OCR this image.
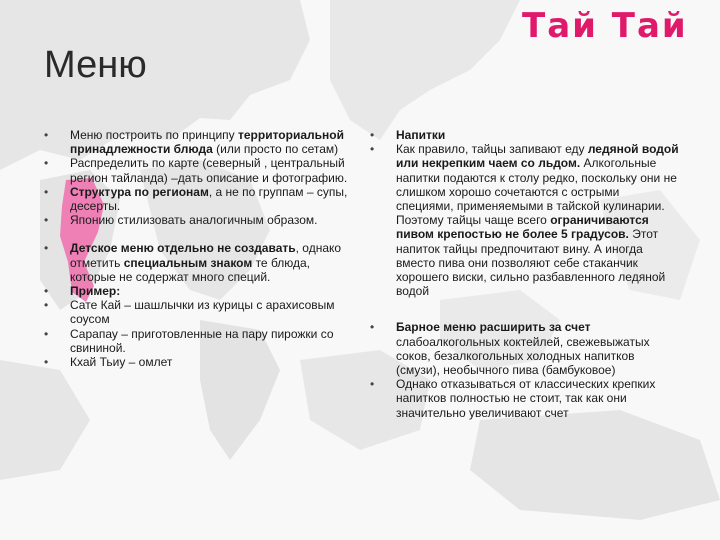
Тай Тай
Меню
• Меню построить по принципу территориальной принадлежности блюда (или просто по сетам)
• Распределить по карте (северный , центральный регион тайланда) –дать описание и фотографию.
• Структура по регионам, а не по группам – супы, десерты.
• Японию стилизовать аналогичным образом.
• Детское меню отдельно не создавать, однако отметить специальным знаком те блюда, которые не содержат много специй.
• Пример:
• Сате Кай – шашлычки из курицы с арахисовым соусом
• Сарапау – приготовленные на пару пирожки со свининой.
• Кхай Тьиу – омлет
• Напитки
• Как правило, тайцы запивают еду ледяной водой или некрепким чаем со льдом. Алкогольные напитки подаются к столу редко, поскольку они не слишком хорошо сочетаются с острыми специями, применяемыми в тайской кулинарии. Поэтому тайцы чаще всего ограничиваются пивом крепостью не более 5 градусов. Этот напиток тайцы предпочитают вину. А иногда вместо пива они позволяют себе стаканчик хорошего виски, сильно разбавленного ледяной водой
• Барное меню расширить за счет слабоалкогольных коктейлей, свежевыжатых соков, безалкогольных холодных напитков (смузи), необычного пива (бамбуковое)
• Однако отказываться от классических крепких напитков полностью не стоит, так как они значительно увеличивают счет
